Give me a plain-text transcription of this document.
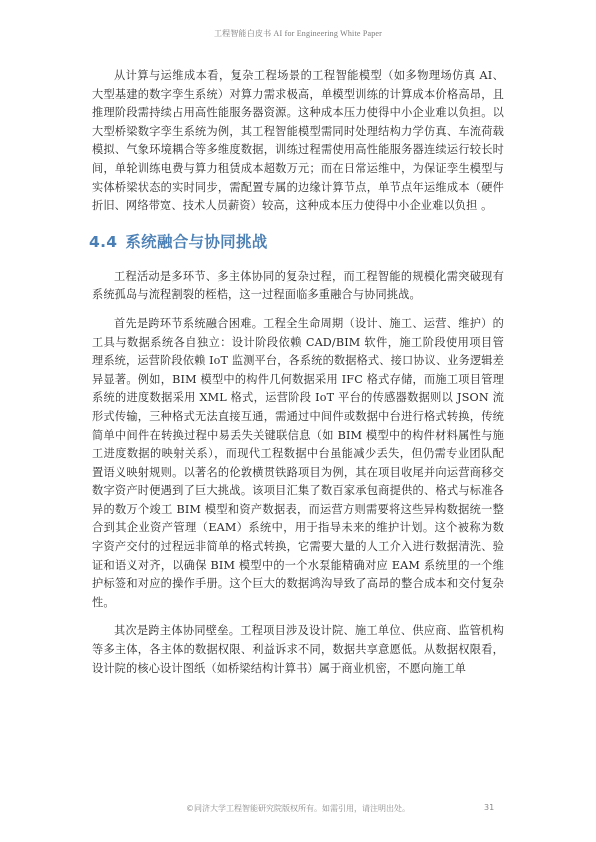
工程智能白皮书 AI for Engineering White Paper

从计算与运维成本看，复杂工程场景的工程智能模型（如多物理场仿真 AI、大型基建的数字孪生系统）对算力需求极高，单模型训练的计算成本价格高昂，且推理阶段需持续占用高性能服务器资源。这种成本压力使得中小企业难以负担。以大型桥梁数字孪生系统为例，其工程智能模型需同时处理结构力学仿真、车流荷载模拟、气象环境耦合等多维度数据，训练过程需使用高性能服务器连续运行较长时间，单轮训练电费与算力租赁成本超数万元；而在日常运维中，为保证孪生模型与实体桥梁状态的实时同步，需配置专属的边缘计算节点，单节点年运维成本（硬件折旧、网络带宽、技术人员薪资）较高，这种成本压力使得中小企业难以负担 。

4.4 系统融合与协同挑战

工程活动是多环节、多主体协同的复杂过程，而工程智能的规模化需突破现有系统孤岛与流程割裂的桎梏，这一过程面临多重融合与协同挑战。

首先是跨环节系统融合困难。工程全生命周期（设计、施工、运营、维护）的工具与数据系统各自独立：设计阶段依赖 CAD/BIM 软件，施工阶段使用项目管理系统，运营阶段依赖 IoT 监测平台，各系统的数据格式、接口协议、业务逻辑差异显著。例如，BIM 模型中的构件几何数据采用 IFC 格式存储，而施工项目管理系统的进度数据采用 XML 格式，运营阶段 IoT 平台的传感器数据则以 JSON 流形式传输，三种格式无法直接互通，需通过中间件或数据中台进行格式转换，传统简单中间件在转换过程中易丢失关键联信息（如 BIM 模型中的构件材料属性与施工进度数据的映射关系），而现代工程数据中台虽能减少丢失，但仍需专业团队配置语义映射规则。以著名的伦敦横贯铁路项目为例，其在项目收尾并向运营商移交数字资产时便遇到了巨大挑战。该项目汇集了数百家承包商提供的、格式与标准各异的数万个竣工 BIM 模型和资产数据表，而运营方则需要将这些异构数据统一整合到其企业资产管理（EAM）系统中，用于指导未来的维护计划。这个被称为数字资产交付的过程远非简单的格式转换，它需要大量的人工介入进行数据清洗、验证和语义对齐，以确保 BIM 模型中的一个水泵能精确对应 EAM 系统里的一个维护标签和对应的操作手册。这个巨大的数据鸿沟导致了高昂的整合成本和交付复杂性。

其次是跨主体协同壁垒。工程项目涉及设计院、施工单位、供应商、监管机构等多主体，各主体的数据权限、利益诉求不同，数据共享意愿低。从数据权限看，设计院的核心设计图纸（如桥梁结构计算书）属于商业机密，不愿向施工单

©同济大学工程智能研究院版权所有。如需引用，请注明出处。	31
